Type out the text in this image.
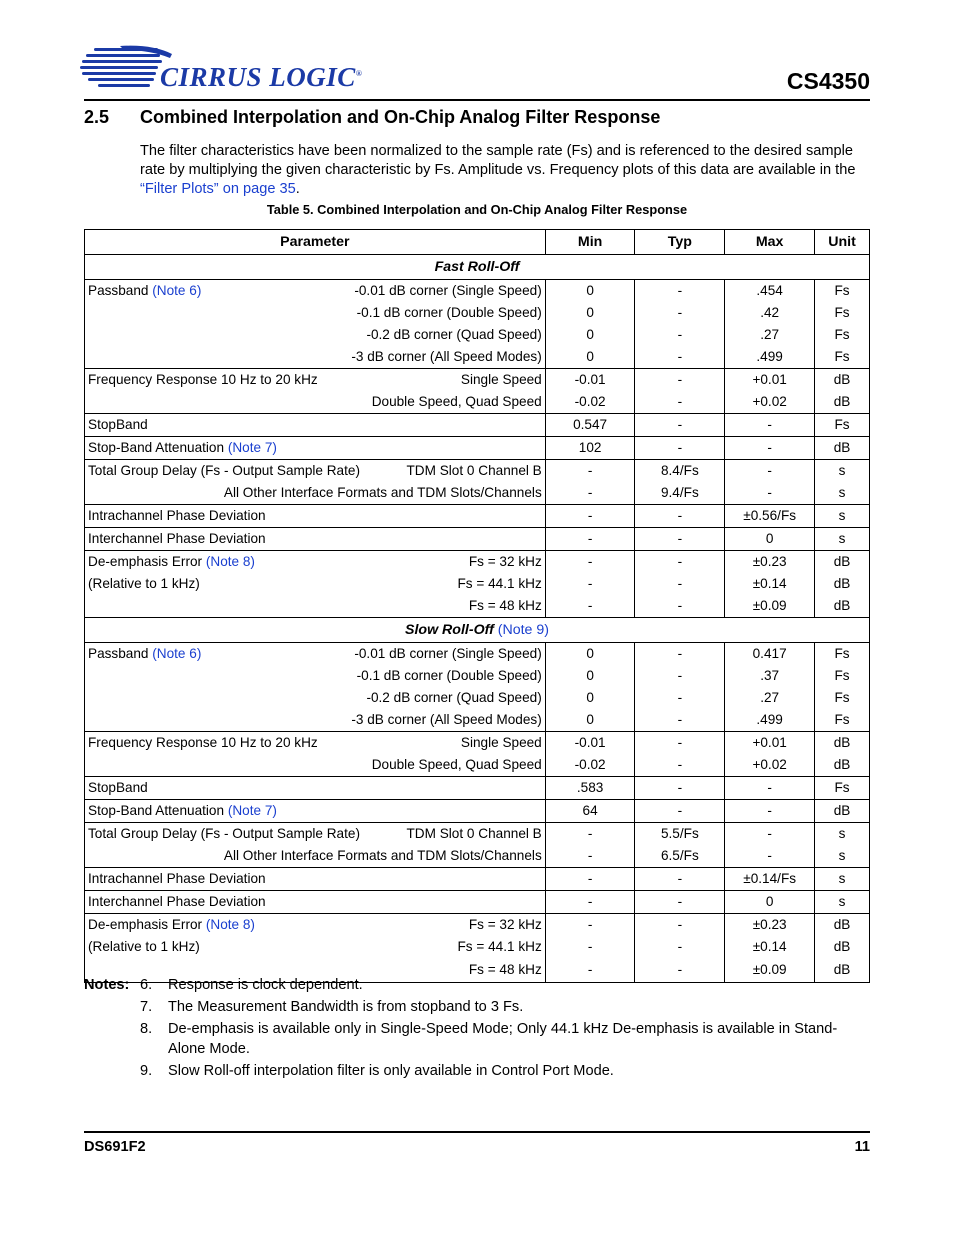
CIRRUS LOGIC®	CS4350
2.5 Combined Interpolation and On-Chip Analog Filter Response

The filter characteristics have been normalized to the sample rate (Fs) and is referenced to the desired sample rate by multiplying the given characteristic by Fs. Amplitude vs. Frequency plots of this data are available in the “Filter Plots” on page 35.

Table 5. Combined Interpolation and On-Chip Analog Filter Response
Parameter	Min	Typ	Max	Unit
Fast Roll-Off				

Passband (Note 6) -0.01 dB corner (Single Speed)	0	-	.454	Fs

-0.1 dB corner (Double Speed)	0	-	.42	Fs

-0.2 dB corner (Quad Speed)	0	-	.27	Fs

-3 dB corner (All Speed Modes)	0	-	.499	Fs

Frequency Response 10 Hz to 20 kHz Single Speed	-0.01	-	+0.01	dB

Double Speed, Quad Speed	-0.02	-	+0.02	dB

StopBand	0.547	-	-	Fs

Stop-Band Attenuation (Note 7)	102	-	-	dB

Total Group Delay (Fs - Output Sample Rate) TDM Slot 0 Channel B	-	8.4/Fs	-	s

All Other Interface Formats and TDM Slots/Channels	-	9.4/Fs	-	s

Intrachannel Phase Deviation	-	-	±0.56/Fs	s

Interchannel Phase Deviation	-	-	0	s

De-emphasis Error (Note 8) Fs = 32 kHz	-	-	±0.23	dB

(Relative to 1 kHz) Fs = 44.1 kHz	-	-	±0.14	dB

Fs = 48 kHz	-	-	±0.09	dB
Slow Roll-Off (Note 9)				

Passband (Note 6) -0.01 dB corner (Single Speed)	0	-	0.417	Fs

-0.1 dB corner (Double Speed)	0	-	.37	Fs

-0.2 dB corner (Quad Speed)	0	-	.27	Fs

-3 dB corner (All Speed Modes)	0	-	.499	Fs

Frequency Response 10 Hz to 20 kHz Single Speed	-0.01	-	+0.01	dB

Double Speed, Quad Speed	-0.02	-	+0.02	dB

StopBand	.583	-	-	Fs

Stop-Band Attenuation (Note 7)	64	-	-	dB

Total Group Delay (Fs - Output Sample Rate) TDM Slot 0 Channel B	-	5.5/Fs	-	s

All Other Interface Formats and TDM Slots/Channels	-	6.5/Fs	-	s

Intrachannel Phase Deviation	-	-	±0.14/Fs	s

Interchannel Phase Deviation	-	-	0	s

De-emphasis Error (Note 8) Fs = 32 kHz	-	-	±0.23	dB

(Relative to 1 kHz) Fs = 44.1 kHz	-	-	±0.14	dB

Fs = 48 kHz	-	-	±0.09	dB
Notes: 6.	Response is clock dependent.
7.	The Measurement Bandwidth is from stopband to 3 Fs.
8.	De-emphasis is available only in Single-Speed Mode; Only 44.1 kHz De-emphasis is available in Stand-Alone Mode.
9.	Slow Roll-off interpolation filter is only available in Control Port Mode.
DS691F2	11
